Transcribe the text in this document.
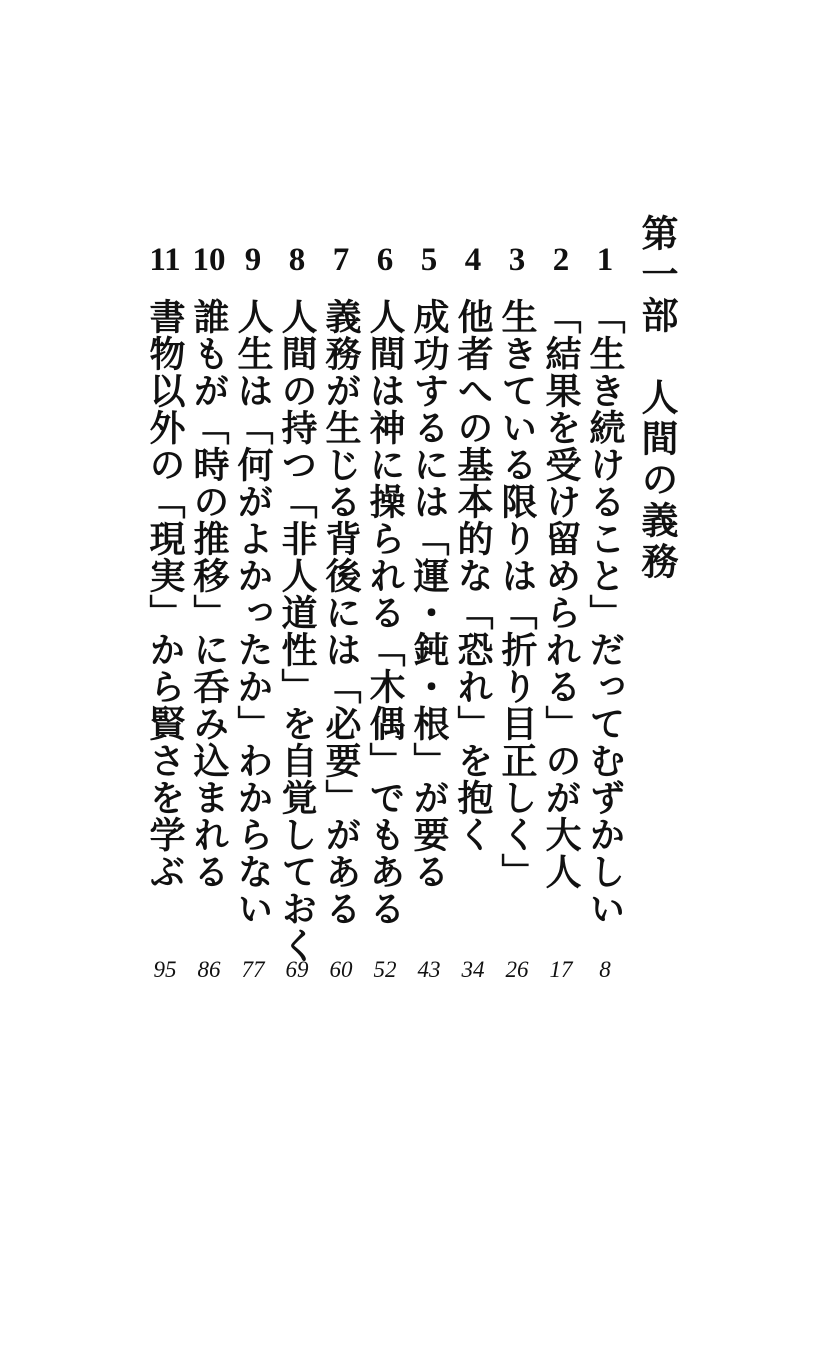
第一部　人間の義務
1
「生き続けること」だってむずかしい
8
2
「結果を受け留められる」のが大人
17
3
生きている限りは「折り目正しく」
26
4
他者への基本的な「恐れ」を抱く
34
5
成功するには「運・鈍・根」が要る
43
6
人間は神に操られる「木偶」でもある
52
7
義務が生じる背後には「必要」がある
60
8
人間の持つ「非人道性」を自覚しておく
69
9
人生は「何がよかったか」わからない
77
10
誰もが「時の推移」に呑み込まれる
86
11
書物以外の「現実」から賢さを学ぶ
95
